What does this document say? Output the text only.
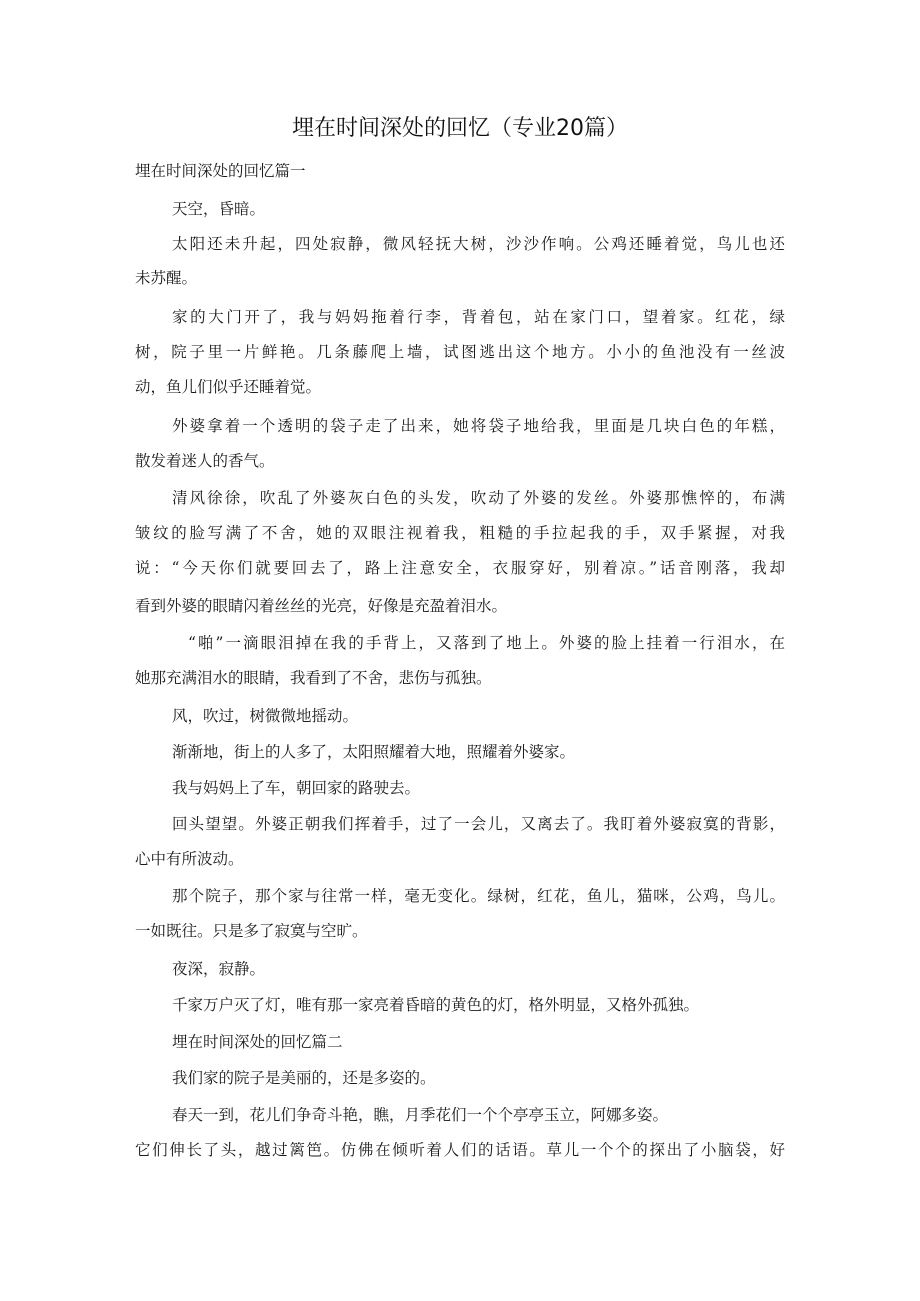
埋在时间深处的回忆（专业20篇）
埋在时间深处的回忆篇一
天空，昏暗。
太阳还未升起，四处寂静，微风轻抚大树，沙沙作响。公鸡还睡着觉，鸟儿也还
未苏醒。
家的大门开了，我与妈妈拖着行李，背着包，站在家门口，望着家。红花，绿
树，院子里一片鲜艳。几条藤爬上墙，试图逃出这个地方。小小的鱼池没有一丝波
动，鱼儿们似乎还睡着觉。
外婆拿着一个透明的袋子走了出来，她将袋子地给我，里面是几块白色的年糕，
散发着迷人的香气。
清风徐徐，吹乱了外婆灰白色的头发，吹动了外婆的发丝。外婆那憔悴的，布满
皱纹的脸写满了不舍，她的双眼注视着我，粗糙的手拉起我的手，双手紧握，对我
说：“今天你们就要回去了，路上注意安全，衣服穿好，别着凉。”话音刚落，我却
看到外婆的眼睛闪着丝丝的光亮，好像是充盈着泪水。
“啪”一滴眼泪掉在我的手背上，又落到了地上。外婆的脸上挂着一行泪水，在
她那充满泪水的眼睛，我看到了不舍，悲伤与孤独。
风，吹过，树微微地摇动。
渐渐地，街上的人多了，太阳照耀着大地，照耀着外婆家。
我与妈妈上了车，朝回家的路驶去。
回头望望。外婆正朝我们挥着手，过了一会儿，又离去了。我盯着外婆寂寞的背影，
心中有所波动。
那个院子，那个家与往常一样，毫无变化。绿树，红花，鱼儿，猫咪，公鸡，鸟儿。
一如既往。只是多了寂寞与空旷。
夜深，寂静。
千家万户灭了灯，唯有那一家亮着昏暗的黄色的灯，格外明显，又格外孤独。
埋在时间深处的回忆篇二
我们家的院子是美丽的，还是多姿的。
春天一到，花儿们争奇斗艳，瞧，月季花们一个个亭亭玉立，阿娜多姿。
它们伸长了头，越过篱笆。仿佛在倾听着人们的话语。草儿一个个的探出了小脑袋，好
